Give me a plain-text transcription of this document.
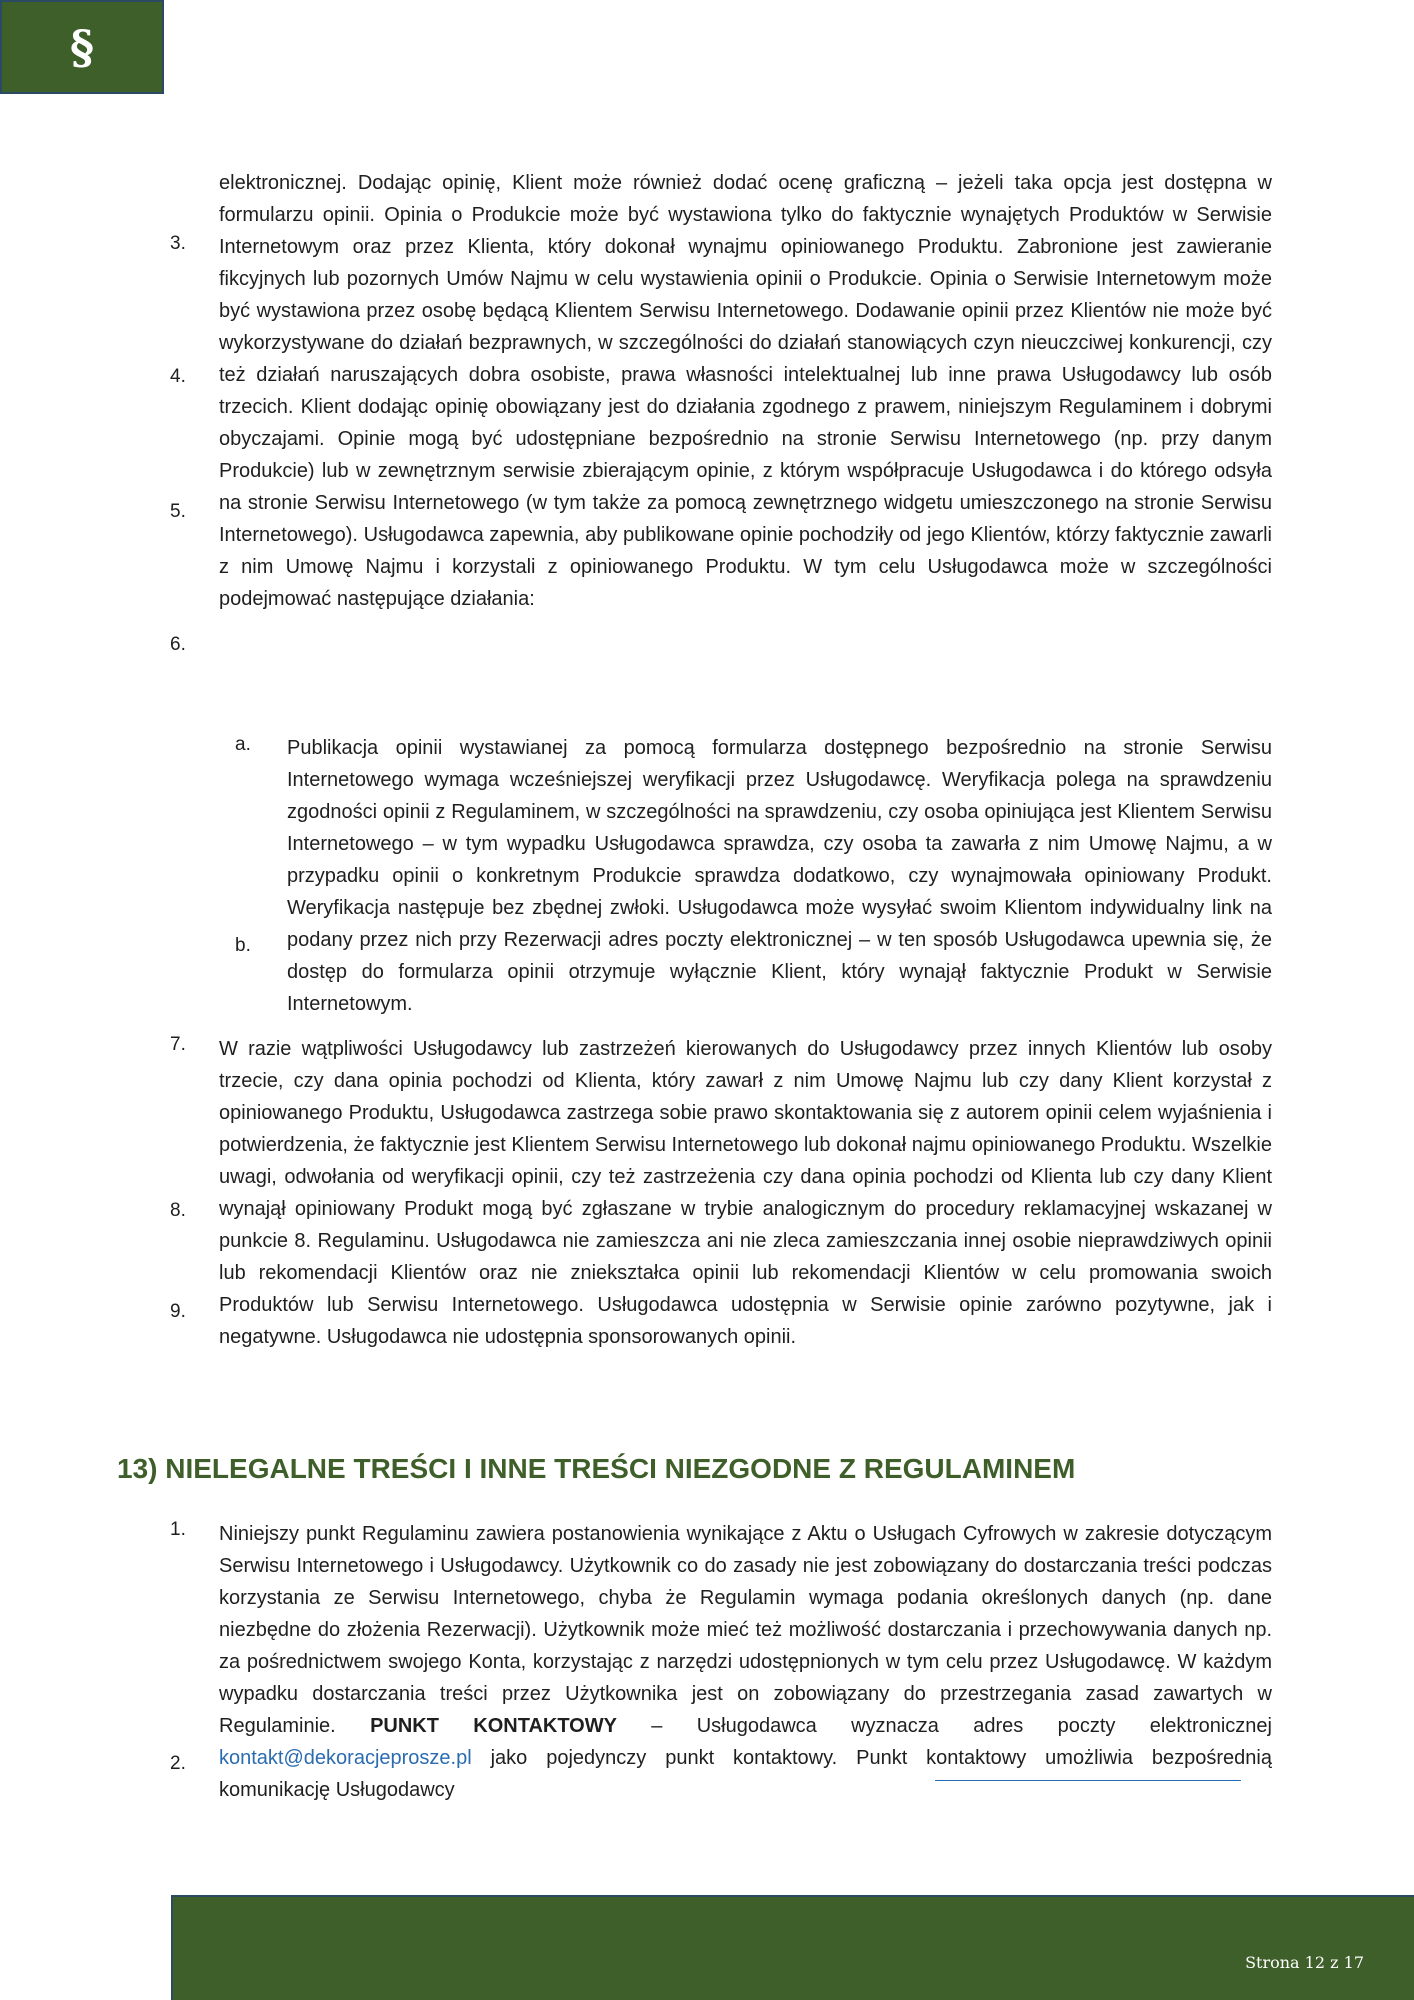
§

elektronicznej. Dodając opinię, Klient może również dodać ocenę graficzną – jeżeli taka opcja jest dostępna w formularzu opinii. Opinia o Produkcie może być wystawiona tylko do faktycznie wynajętych Produktów w Serwisie Internetowym oraz przez Klienta, który dokonał wynajmu opiniowanego Produktu. Zabronione jest zawieranie fikcyjnych lub pozornych Umów Najmu w celu wystawienia opinii o Produkcie. Opinia o Serwisie Internetowym może być wystawiona przez osobę będącą Klientem Serwisu Internetowego. Dodawanie opinii przez Klientów nie może być wykorzystywane do działań bezprawnych, w szczególności do działań stanowiących czyn nieuczciwej konkurencji, czy też działań naruszających dobra osobiste, prawa własności intelektualnej lub inne prawa Usługodawcy lub osób trzecich. Klient dodając opinię obowiązany jest do działania zgodnego z prawem, niniejszym Regulaminem i dobrymi obyczajami. Opinie mogą być udostępniane bezpośrednio na stronie Serwisu Internetowego (np. przy danym Produkcie) lub w zewnętrznym serwisie zbierającym opinie, z którym współpracuje Usługodawca i do którego odsyła na stronie Serwisu Internetowego (w tym także za pomocą zewnętrznego widgetu umieszczonego na stronie Serwisu Internetowego). Usługodawca zapewnia, aby publikowane opinie pochodziły od jego Klientów, którzy faktycznie zawarli z nim Umowę Najmu i korzystali z opiniowanego Produktu. W tym celu Usługodawca może w szczególności podejmować następujące działania:

3.
4.
5.
6.

Publikacja opinii wystawianej za pomocą formularza dostępnego bezpośrednio na stronie Serwisu Internetowego wymaga wcześniejszej weryfikacji przez Usługodawcę. Weryfikacja polega na sprawdzeniu zgodności opinii z Regulaminem, w szczególności na sprawdzeniu, czy osoba opiniująca jest Klientem Serwisu Internetowego – w tym wypadku Usługodawca sprawdza, czy osoba ta zawarła z nim Umowę Najmu, a w przypadku opinii o konkretnym Produkcie sprawdza dodatkowo, czy wynajmowała opiniowany Produkt. Weryfikacja następuje bez zbędnej zwłoki. Usługodawca może wysyłać swoim Klientom indywidualny link na podany przez nich przy Rezerwacji adres poczty elektronicznej – w ten sposób Usługodawca upewnia się, że dostęp do formularza opinii otrzymuje wyłącznie Klient, który wynajął faktycznie Produkt w Serwisie Internetowym.

a.
b.

W razie wątpliwości Usługodawcy lub zastrzeżeń kierowanych do Usługodawcy przez innych Klientów lub osoby trzecie, czy dana opinia pochodzi od Klienta, który zawarł z nim Umowę Najmu lub czy dany Klient korzystał z opiniowanego Produktu, Usługodawca zastrzega sobie prawo skontaktowania się z autorem opinii celem wyjaśnienia i potwierdzenia, że faktycznie jest Klientem Serwisu Internetowego lub dokonał najmu opiniowanego Produktu. Wszelkie uwagi, odwołania od weryfikacji opinii, czy też zastrzeżenia czy dana opinia pochodzi od Klienta lub czy dany Klient wynajął opiniowany Produkt mogą być zgłaszane w trybie analogicznym do procedury reklamacyjnej wskazanej w punkcie 8. Regulaminu. Usługodawca nie zamieszcza ani nie zleca zamieszczania innej osobie nieprawdziwych opinii lub rekomendacji Klientów oraz nie zniekształca opinii lub rekomendacji Klientów w celu promowania swoich Produktów lub Serwisu Internetowego. Usługodawca udostępnia w Serwisie opinie zarówno pozytywne, jak i negatywne. Usługodawca nie udostępnia sponsorowanych opinii.

7.
8.
9.
13) NIELEGALNE TREŚCI I INNE TREŚCI NIEZGODNE Z REGULAMINEM
1.
2.

Niniejszy punkt Regulaminu zawiera postanowienia wynikające z Aktu o Usługach Cyfrowych w zakresie dotyczącym Serwisu Internetowego i Usługodawcy. Użytkownik co do zasady nie jest zobowiązany do dostarczania treści podczas korzystania ze Serwisu Internetowego, chyba że Regulamin wymaga podania określonych danych (np. dane niezbędne do złożenia Rezerwacji). Użytkownik może mieć też możliwość dostarczania i przechowywania danych np. za pośrednictwem swojego Konta, korzystając z narzędzi udostępnionych w tym celu przez Usługodawcę. W każdym wypadku dostarczania treści przez Użytkownika jest on zobowiązany do przestrzegania zasad zawartych w Regulaminie. PUNKT KONTAKTOWY – Usługodawca wyznacza adres poczty elektronicznej kontakt@dekoracjeprosze.pl jako pojedynczy punkt kontaktowy. Punkt kontaktowy umożliwia bezpośrednią komunikację Usługodawcy

Strona 12 z 17
